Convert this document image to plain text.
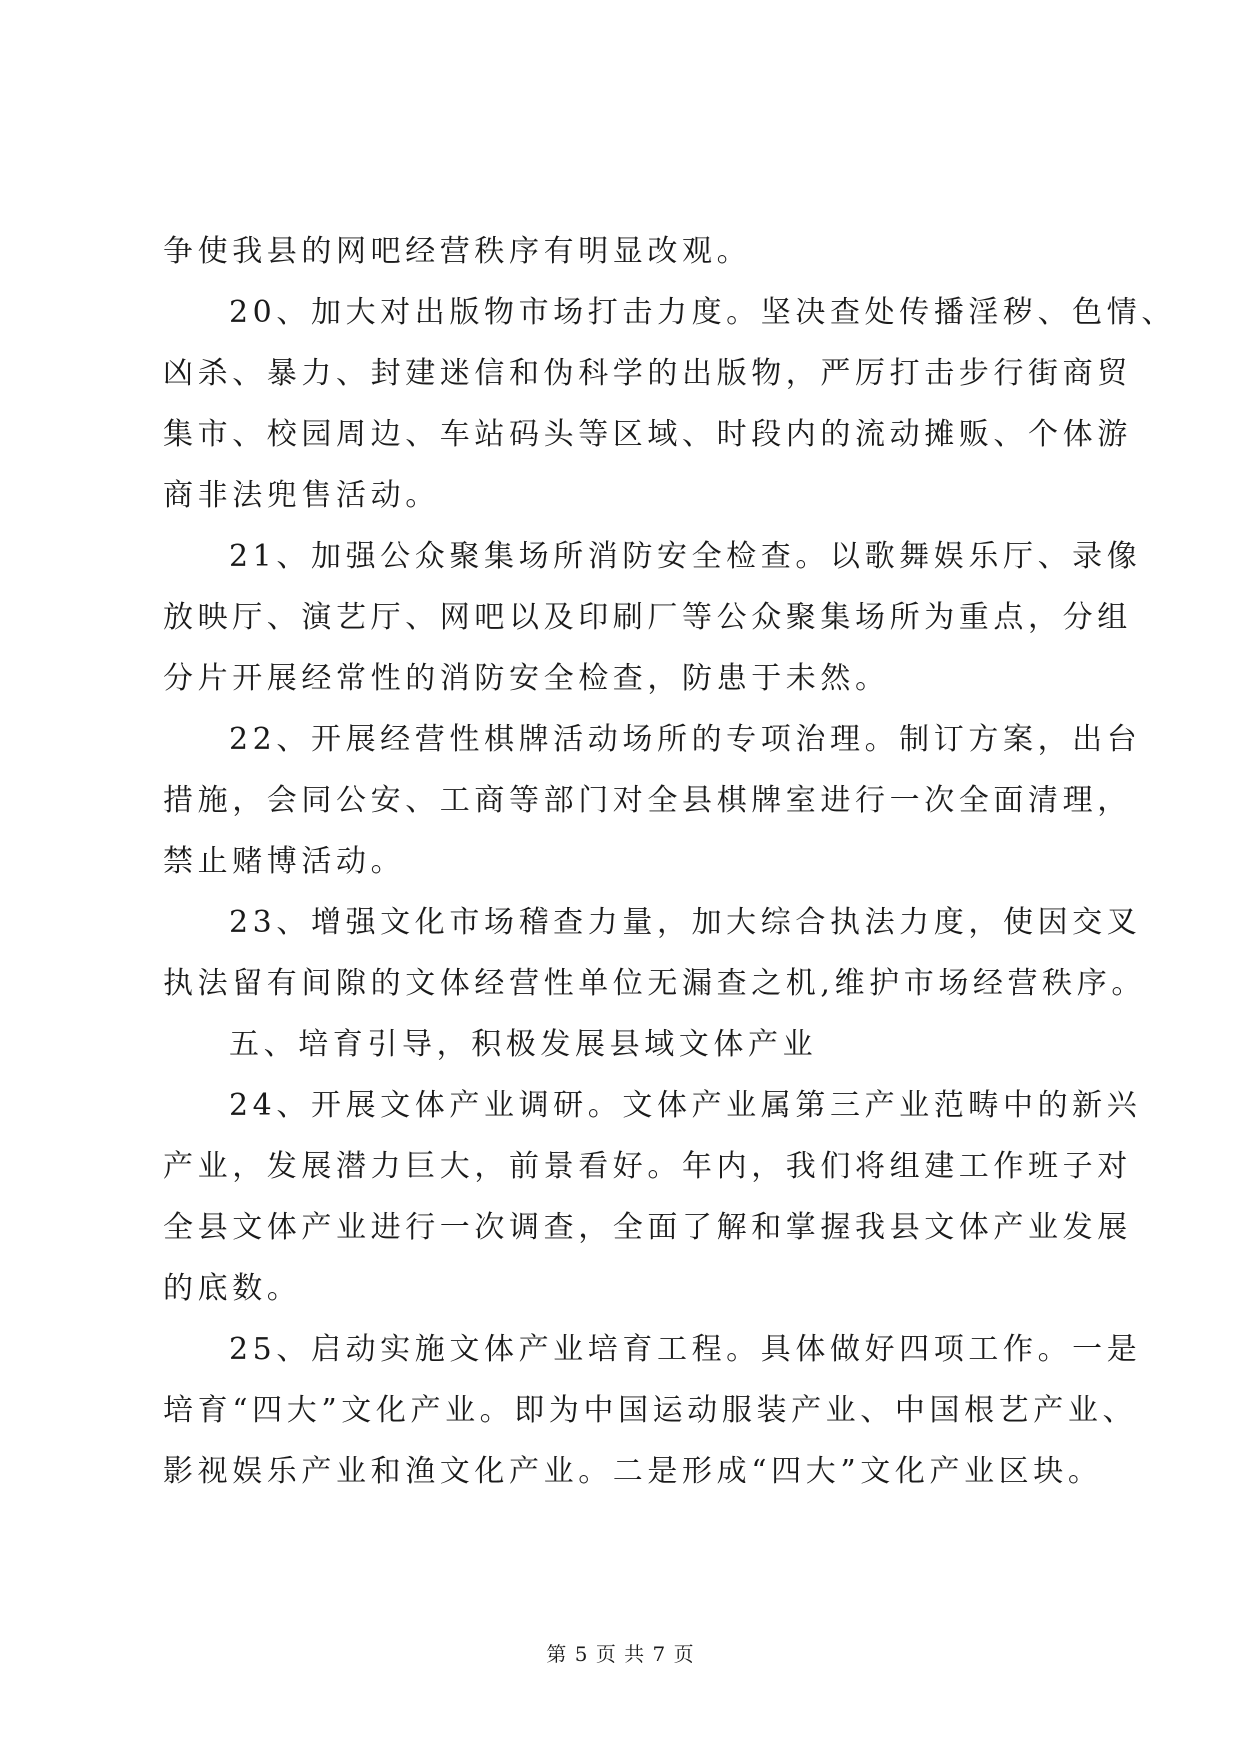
争使我县的网吧经营秩序有明显改观。
20、加大对出版物市场打击力度。坚决查处传播淫秽、色情、
凶杀、暴力、封建迷信和伪科学的出版物，严厉打击步行街商贸
集市、校园周边、车站码头等区域、时段内的流动摊贩、个体游
商非法兜售活动。
21、加强公众聚集场所消防安全检查。以歌舞娱乐厅、录像
放映厅、演艺厅、网吧以及印刷厂等公众聚集场所为重点，分组
分片开展经常性的消防安全检查，防患于未然。
22、开展经营性棋牌活动场所的专项治理。制订方案，出台
措施，会同公安、工商等部门对全县棋牌室进行一次全面清理，
禁止赌博活动。
23、增强文化市场稽查力量，加大综合执法力度，使因交叉
执法留有间隙的文体经营性单位无漏查之机,维护市场经营秩序。
五、培育引导，积极发展县域文体产业
24、开展文体产业调研。文体产业属第三产业范畴中的新兴
产业，发展潜力巨大，前景看好。年内，我们将组建工作班子对
全县文体产业进行一次调查，全面了解和掌握我县文体产业发展
的底数。
25、启动实施文体产业培育工程。具体做好四项工作。一是
培育“四大”文化产业。即为中国运动服装产业、中国根艺产业、
影视娱乐产业和渔文化产业。二是形成“四大”文化产业区块。
第 5 页 共 7 页
